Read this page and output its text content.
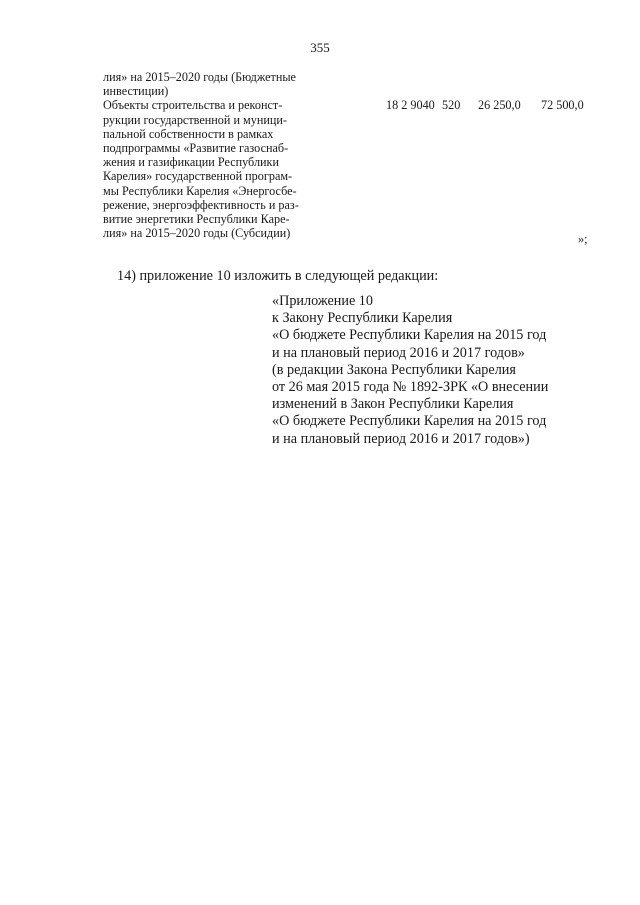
355
лия» на 2015–2020 годы (Бюджетные
инвестиции)
Объекты строительства и реконст-
рукции государственной и муници-
пальной собственности в рамках
подпрограммы «Развитие газоснаб-
жения и газификации Республики
Карелия» государственной програм-
мы Республики Карелия «Энергосбе-
режение, энергоэффективность и раз-
витие энергетики Республики Каре-
лия» на 2015–2020 годы (Субсидии)
18 2 9040 520 26 250,0 72 500,0
»;
14) приложение 10 изложить в следующей редакции:
«Приложение 10
к Закону Республики Карелия
«О бюджете Республики Карелия на 2015 год
и на плановый период 2016 и 2017 годов»
(в редакции Закона Республики Карелия
от 26 мая 2015 года № 1892-ЗРК «О внесении
изменений в Закон Республики Карелия
«О бюджете Республики Карелия на 2015 год
и на плановый период 2016 и 2017 годов»)
